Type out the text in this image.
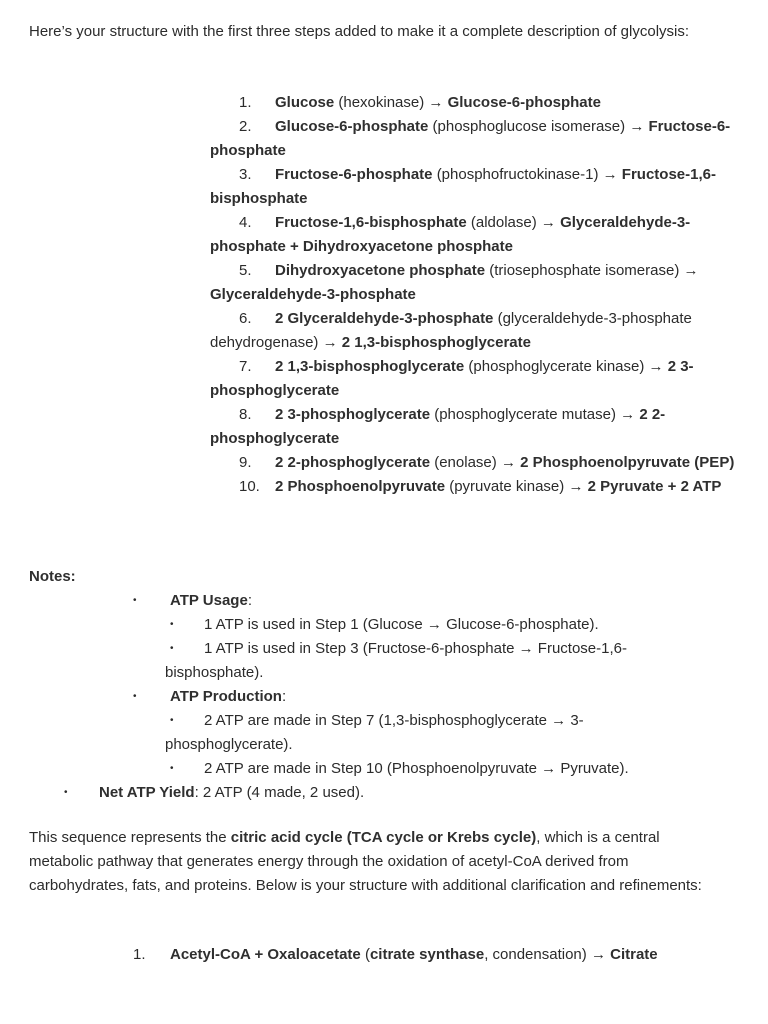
Here’s your structure with the first three steps added to make it a complete description of glycolysis:

1. Glucose (hexokinase) → Glucose-6-phosphate

2. Glucose-6-phosphate (phosphoglucose isomerase) → Fructose-6-phosphate

3. Fructose-6-phosphate (phosphofructokinase-1) → Fructose-1,6-bisphosphate

4. Fructose-1,6-bisphosphate (aldolase) → Glyceraldehyde-3-phosphate + Dihydroxyacetone phosphate

5. Dihydroxyacetone phosphate (triosephosphate isomerase) → Glyceraldehyde-3-phosphate

6. 2 Glyceraldehyde-3-phosphate (glyceraldehyde-3-phosphate dehydrogenase) → 2 1,3-bisphosphoglycerate

7. 2 1,3-bisphosphoglycerate (phosphoglycerate kinase) → 2 3-phosphoglycerate

8. 2 3-phosphoglycerate (phosphoglycerate mutase) → 2 2-phosphoglycerate

9. 2 2-phosphoglycerate (enolase) → 2 Phosphoenolpyruvate (PEP)

10. 2 Phosphoenolpyruvate (pyruvate kinase) → 2 Pyruvate + 2 ATP

Notes:

• ATP Usage:
• 1 ATP is used in Step 1 (Glucose → Glucose-6-phosphate).
• 1 ATP is used in Step 3 (Fructose-6-phosphate → Fructose-1,6-
bisphosphate).
• ATP Production:
• 2 ATP are made in Step 7 (1,3-bisphosphoglycerate → 3-
phosphoglycerate).
• 2 ATP are made in Step 10 (Phosphoenolpyruvate → Pyruvate).
• Net ATP Yield: 2 ATP (4 made, 2 used).

This sequence represents the citric acid cycle (TCA cycle or Krebs cycle), which is a central metabolic pathway that generates energy through the oxidation of acetyl-CoA derived from carbohydrates, fats, and proteins. Below is your structure with additional clarification and refinements:

1. Acetyl-CoA + Oxaloacetate (citrate synthase, condensation) → Citrate
